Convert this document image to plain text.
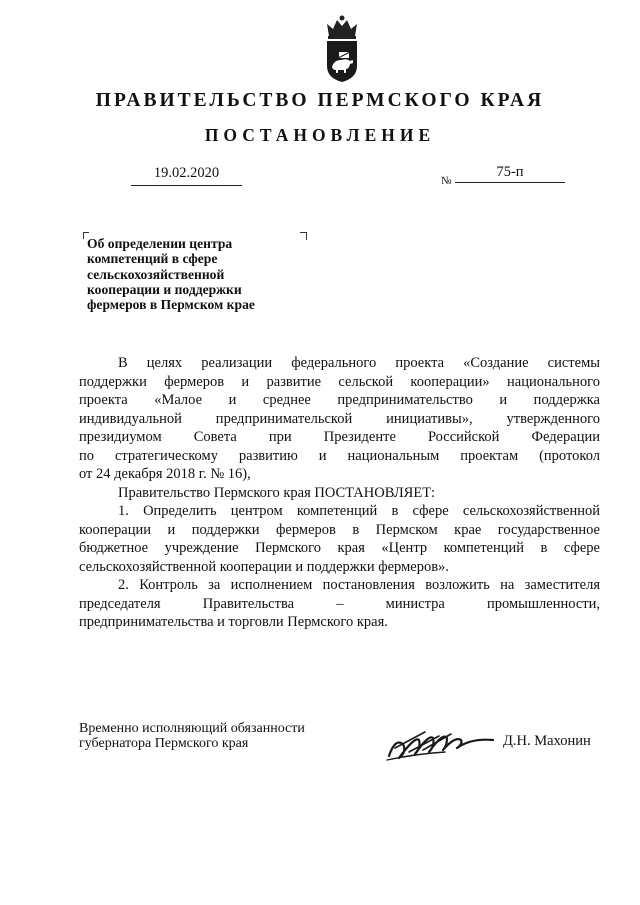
ПРАВИТЕЛЬСТВО ПЕРМСКОГО КРАЯ
ПОСТАНОВЛЕНИЕ
19.02.2020	№
75-п
Об определении центра
компетенций в сфере
сельскохозяйственной
кооперации и поддержки
фермеров в Пермском крае

В целях реализации федерального проекта «Создание системы

поддержки фермеров и развитие сельской кооперации» национального

проекта «Малое и среднее предпринимательство и поддержка

индивидуальной предпринимательской инициативы», утвержденного

президиумом Совета при Президенте Российской Федерации

по стратегическому развитию и национальным проектам (протокол

от 24 декабря 2018 г. № 16),

Правительство Пермского края ПОСТАНОВЛЯЕТ:

1. Определить центром компетенций в сфере сельскохозяйственной

кооперации и поддержки фермеров в Пермском крае государственное

бюджетное учреждение Пермского края «Центр компетенций в сфере

сельскохозяйственной кооперации и поддержки фермеров».

2. Контроль за исполнением постановления возложить на заместителя

председателя Правительства – министра промышленности,

предпринимательства и торговли Пермского края.

Временно исполняющий обязанности
губернатора Пермского края	Д.Н. Махонин
